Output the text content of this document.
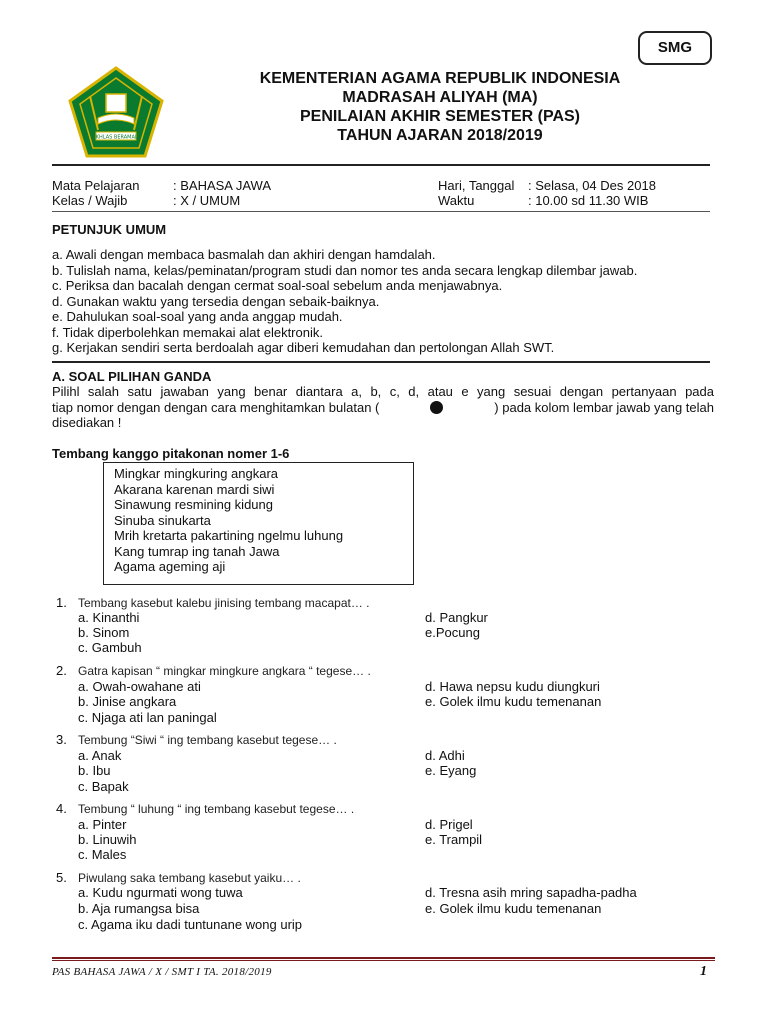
SMG
IKHLAS BERAMAL
KEMENTERIAN AGAMA REPUBLIK INDONESIA
MADRASAH ALIYAH (MA)
PENILAIAN AKHIR SEMESTER (PAS)
TAHUN AJARAN 2018/2019
Mata Pelajaran	: BAHASA JAWA
Kelas / Wajib	: X / UMUM
Hari, Tanggal : Selasa, 04 Des 2018
Waktu	: 10.00 sd 11.30 WIB
PETUNJUK UMUM
a. Awali dengan membaca basmalah dan akhiri dengan hamdalah.
b. Tulislah nama, kelas/peminatan/program studi dan nomor tes anda secara lengkap dilembar jawab.
c. Periksa dan bacalah dengan cermat soal-soal sebelum anda menjawabnya.
d. Gunakan waktu yang tersedia dengan sebaik-baiknya.
e. Dahulukan soal-soal yang anda anggap mudah.
f. Tidak diperbolehkan memakai alat elektronik.
g. Kerjakan sendiri serta berdoalah agar diberi kemudahan dan pertolongan Allah SWT.
A. SOAL PILIHAN GANDA
Pilihl salah satu jawaban yang benar diantara a, b, c, d, atau e yang sesuai dengan pertanyaan pada
tiap nomor dengan dengan cara menghitamkan bulatan (	) pada kolom lembar jawab yang telah
disediakan !
Tembang kanggo pitakonan nomer 1-6
Mingkar mingkuring angkara
Akarana karenan mardi siwi
Sinawung resmining kidung
Sinuba sinukarta
Mrih kretarta pakartining ngelmu luhung
Kang tumrap ing tanah Jawa
Agama ageming aji
1. Tembang kasebut kalebu jinising tembang macapat… .
a. Kinanthi
b. Sinom
c. Gambuh
d. Pangkur
e.Pocung
2. Gatra kapisan “ mingkar mingkure angkara “ tegese… .
a. Owah-owahane ati
b. Jinise angkara
c. Njaga ati lan paningal
d. Hawa nepsu kudu diungkuri
e. Golek ilmu kudu temenanan
3. Tembung “Siwi “ ing tembang kasebut tegese… .
a. Anak
b. Ibu
c. Bapak
d. Adhi
e. Eyang
4. Tembung “ luhung “ ing tembang kasebut tegese… .
a. Pinter
b. Linuwih
c. Males
d. Prigel
e. Trampil
5. Piwulang saka tembang kasebut yaiku… .
a. Kudu ngurmati wong tuwa
b. Aja rumangsa bisa
c. Agama iku dadi tuntunane wong urip
d. Tresna asih mring sapadha-padha
e. Golek ilmu kudu temenanan
PAS BAHASA JAWA / X / SMT I TA. 2018/2019	1
